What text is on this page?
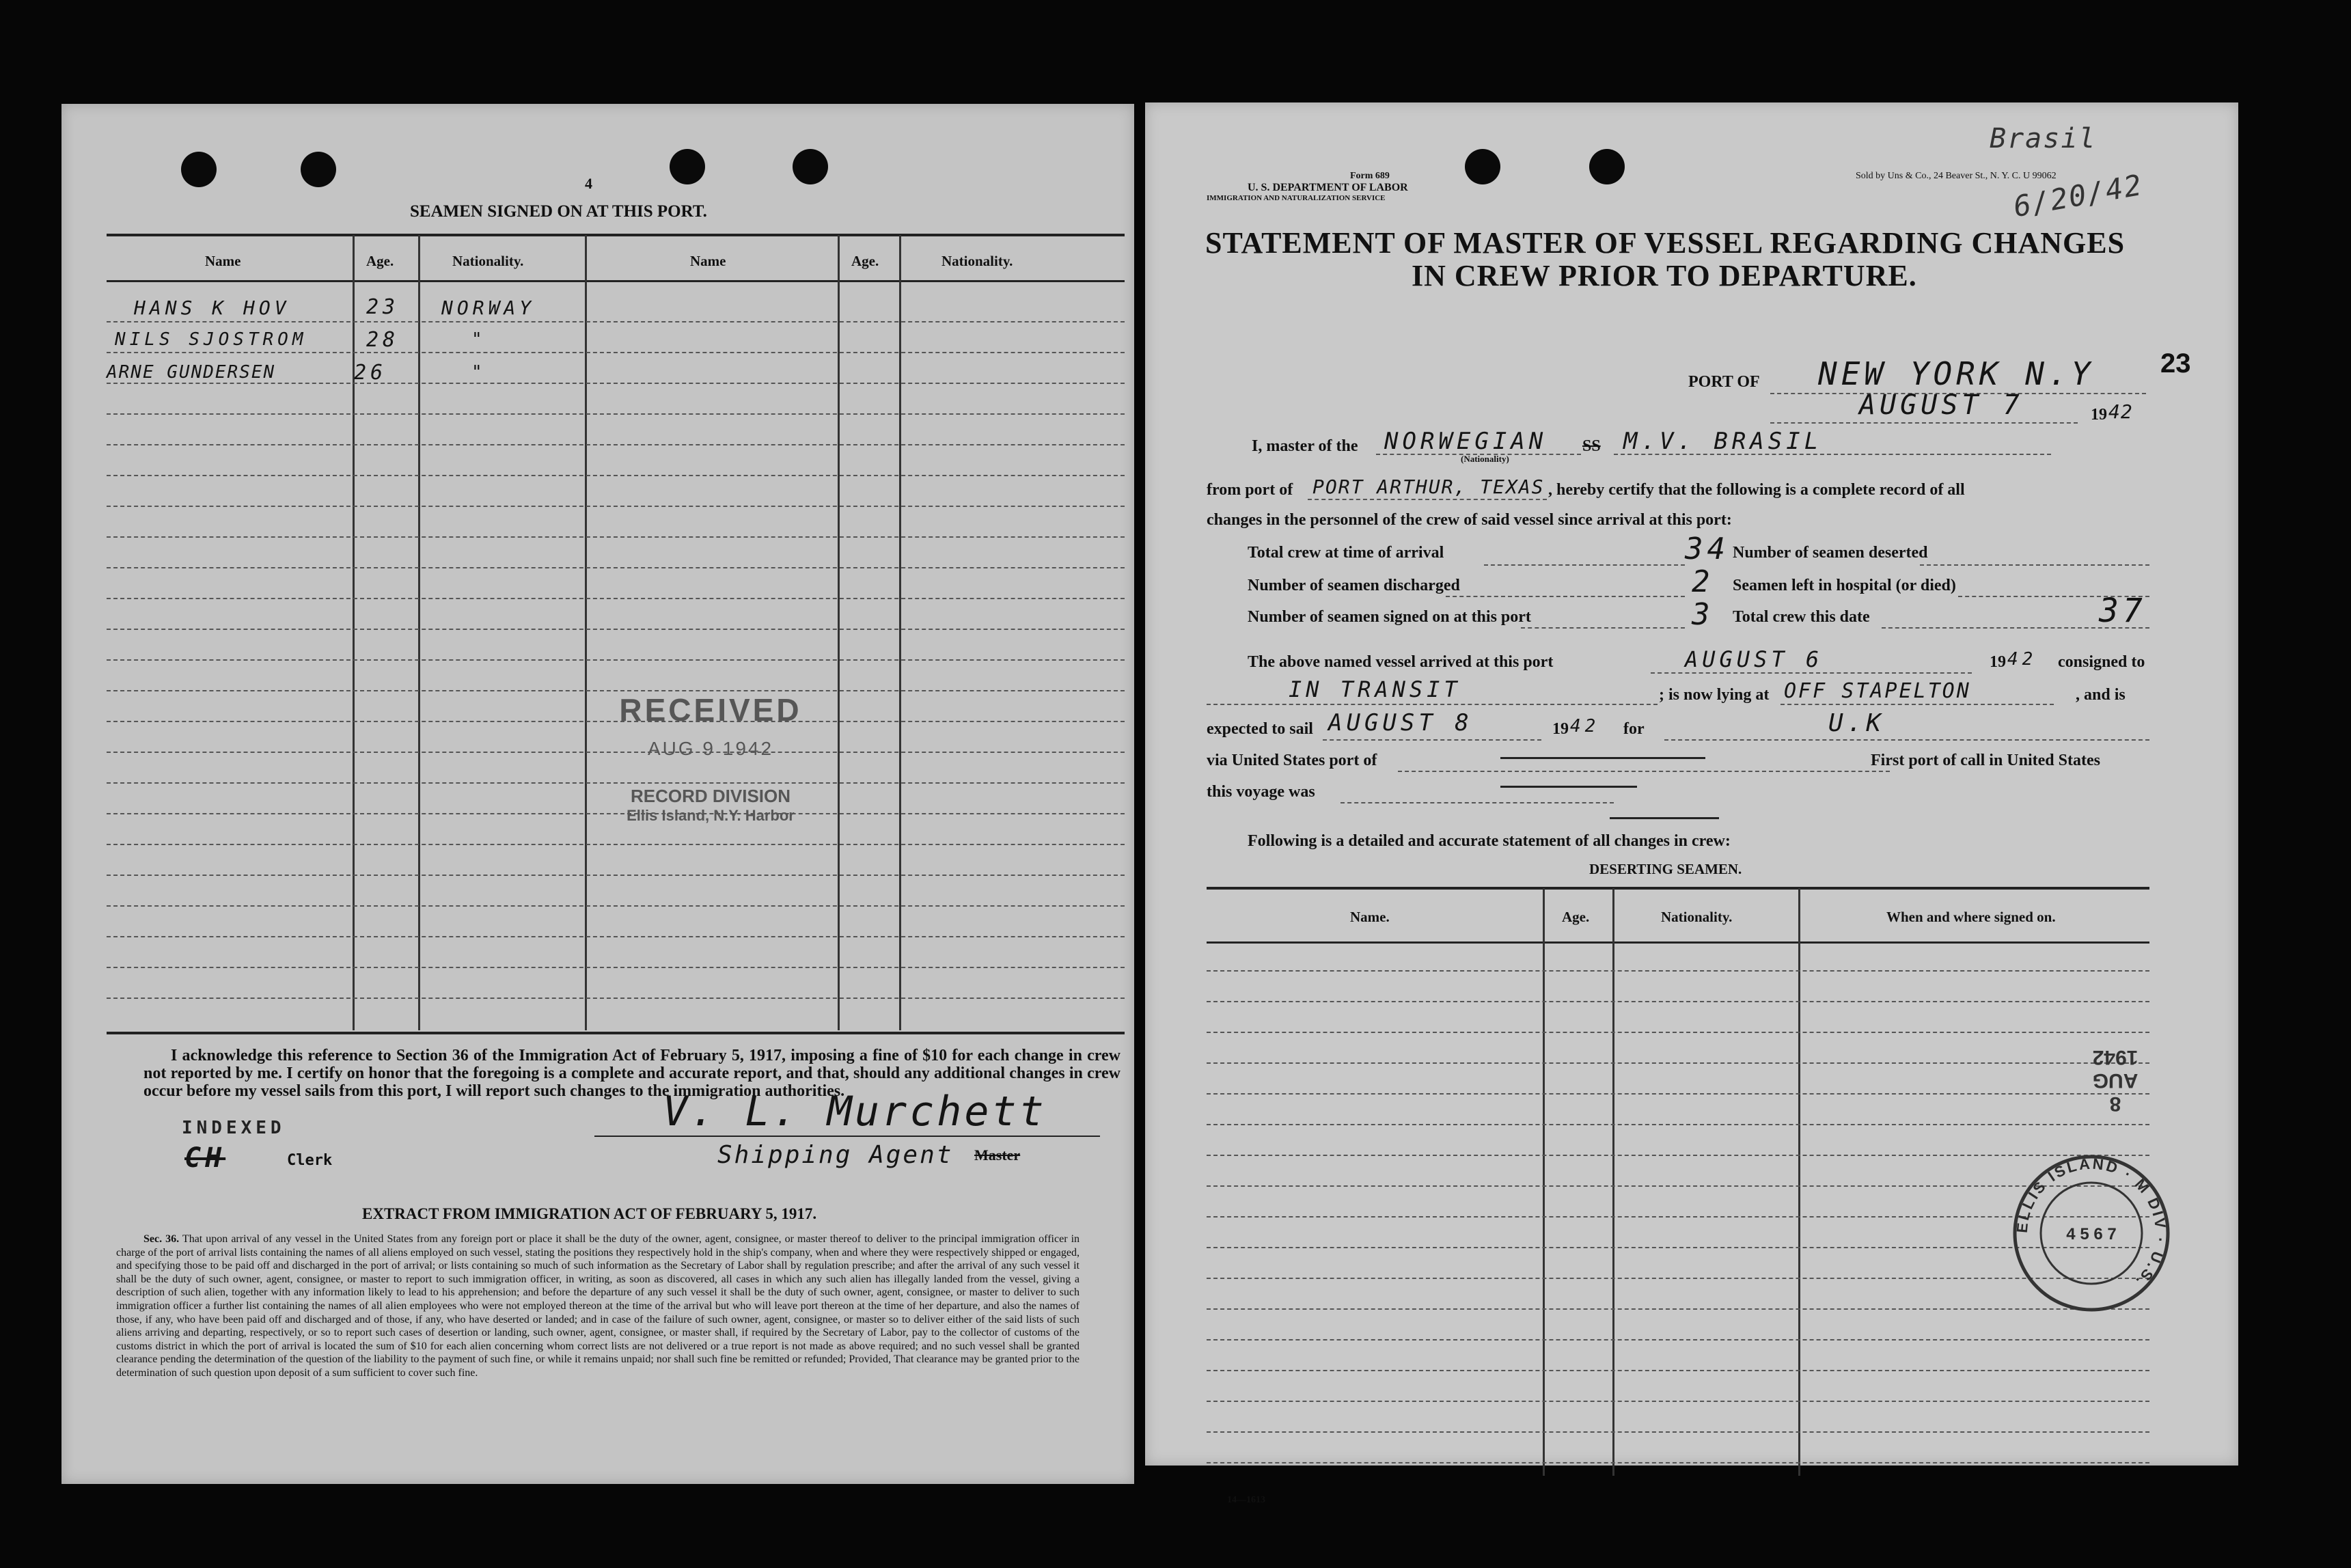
4
SEAMEN SIGNED ON AT THIS PORT.
Name	Age.	Nationality.	Name	Age.	Nationality.
HANS K HOV	23 NORWAY
NILS SJOSTROM	28	"
ARNE GUNDERSEN	26	"
RECEIVED
AUG 9 1942
RECORD DIVISION
Ellis Island, N.Y. Harbor
I acknowledge this reference to Section 36 of the Immigration Act of February 5, 1917, imposing a fine of $10 for each change in crew not reported by me. I certify on honor that the foregoing is a complete and accurate report, and that, should any additional changes in crew occur before my vessel sails from this port, I will report such changes to the immigration authorities.
INDEXED
CH	Clerk
V. L. Murchett
Shipping Agent Master
EXTRACT FROM IMMIGRATION ACT OF FEBRUARY 5, 1917.
Sec. 36. That upon arrival of any vessel in the United States from any foreign port or place it shall be the duty of the owner, agent, consignee, or master thereof to deliver to the principal immigration officer in charge of the port of arrival lists containing the names of all aliens employed on such vessel, stating the positions they respectively hold in the ship's company, when and where they were respectively shipped or engaged, and specifying those to be paid off and discharged in the port of arrival; or lists containing so much of such information as the Secretary of Labor shall by regulation prescribe; and after the arrival of any such vessel it shall be the duty of such owner, agent, consignee, or master to report to such immigration officer, in writing, as soon as discovered, all cases in which any such alien has illegally landed from the vessel, giving a description of such alien, together with any information likely to lead to his apprehension; and before the departure of any such vessel it shall be the duty of such owner, agent, consignee, or master to deliver to such immigration officer a further list containing the names of all alien employees who were not employed thereon at the time of the arrival but who will leave port thereon at the time of her departure, and also the names of those, if any, who have been paid off and discharged and of those, if any, who have deserted or landed; and in case of the failure of such owner, agent, consignee, or master so to deliver either of the said lists of such aliens arriving and departing, respectively, or so to report such cases of desertion or landing, such owner, agent, consignee, or master shall, if required by the Secretary of Labor, pay to the collector of customs of the customs district in which the port of arrival is located the sum of $10 for each alien concerning whom correct lists are not delivered or a true report is not made as above required; and no such vessel shall be granted clearance pending the determination of the question of the liability to the payment of such fine, or while it remains unpaid; nor shall such fine be remitted or refunded; Provided, That clearance may be granted prior to the determination of such question upon deposit of a sum sufficient to cover such fine.
Form 689
U. S. DEPARTMENT OF LABOR
IMMIGRATION AND NATURALIZATION SERVICE
Sold by Uns & Co., 24 Beaver St., N. Y. C. U 99062
Brasil
6/20/42
STATEMENT OF MASTER OF VESSEL REGARDING CHANGES
IN CREW PRIOR TO DEPARTURE.
23
PORT OF NEW YORK N.Y
AUGUST 7	19 42
I, master of the NORWEGIAN
(Nationality)
SS M.V. BRASIL
from port of PORT ARTHUR, TEXAS , hereby certify that the following is a complete record of all
changes in the personnel of the crew of said vessel since arrival at this port:
Total crew at time of arrival	34 Number of seamen deserted
Number of seamen discharged	2 Seamen left in hospital (or died)
Number of seamen signed on at this port	3 Total crew this date	37
The above named vessel arrived at this port	AUGUST 6	19 42 consigned to
IN TRANSIT	; is now lying at OFF STAPELTON	, and is
expected to sail AUGUST 8	19 42 for	U.K
via United States port of	First port of call in United States
this voyage was
Following is a detailed and accurate statement of all changes in crew:
DESERTING SEAMEN.
Name.	Age.	Nationality.	When and where signed on.
14—1613
8
AUG
1942
ELLIS ISLAND · M DIV · U.S.
4 5 6 7
